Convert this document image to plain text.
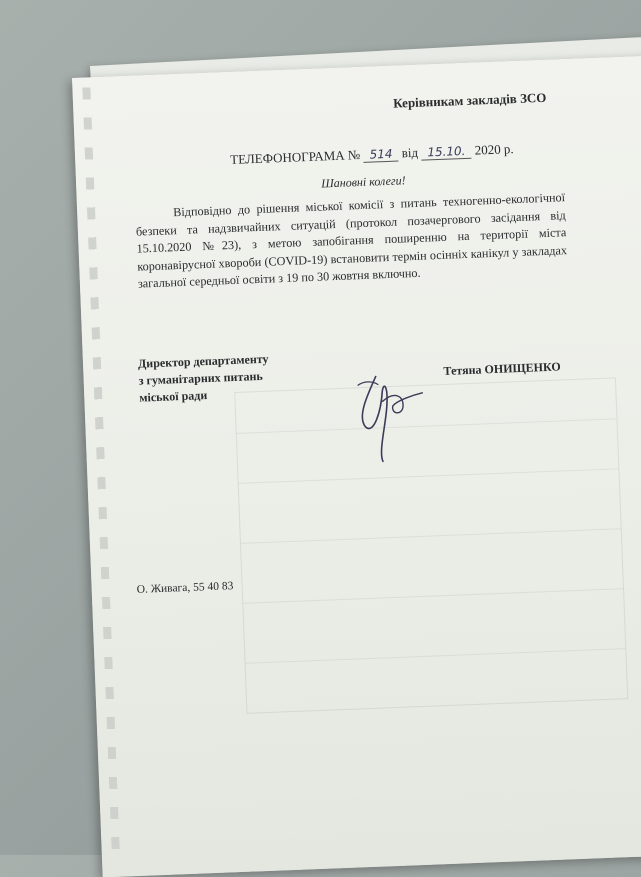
Керівникам закладів ЗСО
ТЕЛЕФОНОГРАМА № 514 від 15.10. 2020 р.
Шановні колеги!
Відповідно до рішення міської комісії з питань техногенно-екологічної безпеки та надзвичайних ситуацій (протокол позачергового засідання від 15.10.2020 №23), з метою запобігання поширенню на території міста коронавірусної хвороби (COVID-19) встановити термін осінніх канікул у закладах загальної середньої освіти з 19 по 30 жовтня включно.
Директор департаменту
з гуманітарних питань
міської ради
Тетяна ОНИЩЕНКО
О. Живага, 55 40 83
